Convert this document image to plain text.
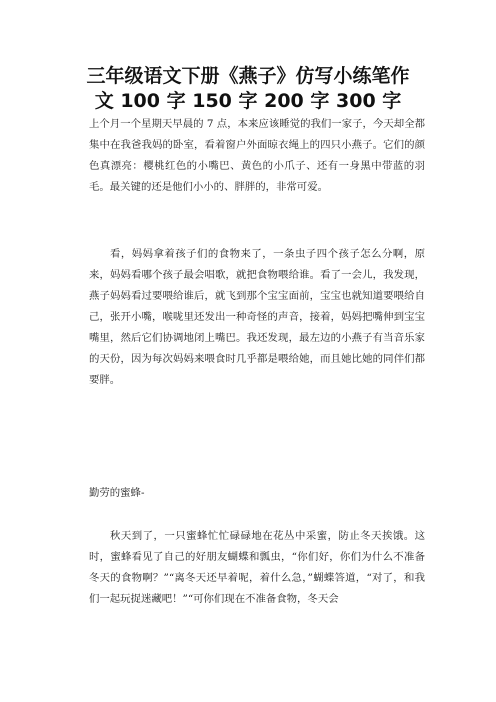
三年级语文下册《燕子》仿写小练笔作
文 100 字 150 字 200 字 300 字

上个月一个星期天早晨的 7 点，本来应该睡觉的我们一家子，今天却全都集中在我爸我妈的卧室，看着窗户外面晾衣绳上的四只小燕子。它们的颜色真漂亮：樱桃红色的小嘴巴、黄色的小爪子、还有一身黑中带蓝的羽毛。最关键的还是他们小小的、胖胖的，非常可爱。

看，妈妈拿着孩子们的食物来了，一条虫子四个孩子怎么分啊，原来，妈妈看哪个孩子最会唱歌，就把食物喂给谁。看了一会儿，我发现，燕子妈妈看过要喂给谁后，就飞到那个宝宝面前，宝宝也就知道要喂给自己，张开小嘴，喉咙里还发出一种奇怪的声音，接着，妈妈把嘴伸到宝宝嘴里，然后它们协调地闭上嘴巴。我还发现，最左边的小燕子有当音乐家的天份，因为每次妈妈来喂食时几乎都是喂给她，而且她比她的同伴们都要胖。

勤劳的蜜蜂-

秋天到了，一只蜜蜂忙忙碌碌地在花丛中采蜜，防止冬天挨饿。这时，蜜蜂看见了自己的好朋友蝴蝶和瓢虫，“你们好，你们为什么不准备冬天的食物啊？”“离冬天还早着呢，着什么急，”蝴蝶答道，“对了，和我们一起玩捉迷藏吧！”“可你们现在不准备食物，冬天会
